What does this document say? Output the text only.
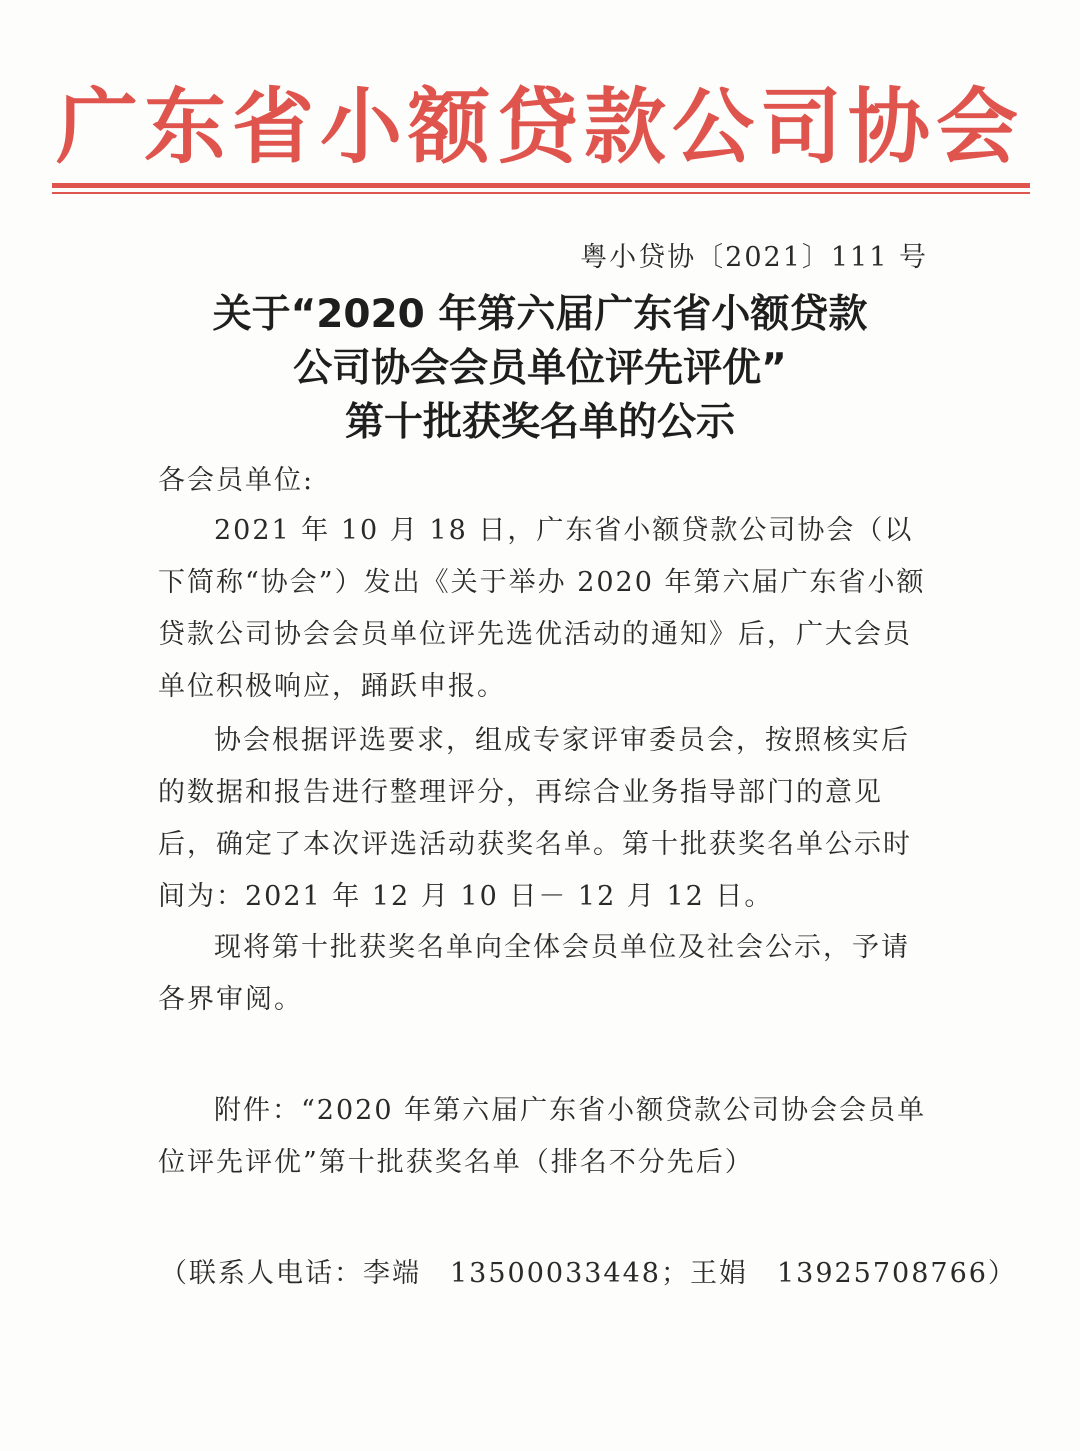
广东省小额贷款公司协会
粤小贷协〔2021〕111 号
关于“2020 年第六届广东省小额贷款
公司协会会员单位评先评优”
第十批获奖名单的公示
各会员单位:
2021 年 10 月 18 日，广东省小额贷款公司协会（以下简称“协会”）发出《关于举办 2020 年第六届广东省小额贷款公司协会会员单位评先选优活动的通知》后，广大会员单位积极响应，踊跃申报。
协会根据评选要求，组成专家评审委员会，按照核实后的数据和报告进行整理评分，再综合业务指导部门的意见后，确定了本次评选活动获奖名单。第十批获奖名单公示时间为：2021 年 12 月 10 日－ 12 月 12 日。
现将第十批获奖名单向全体会员单位及社会公示，予请各界审阅。
附件：“2020 年第六届广东省小额贷款公司协会会员单位评先评优”第十批获奖名单（排名不分先后）
（联系人电话：李端　13500033448；王娟　13925708766）
